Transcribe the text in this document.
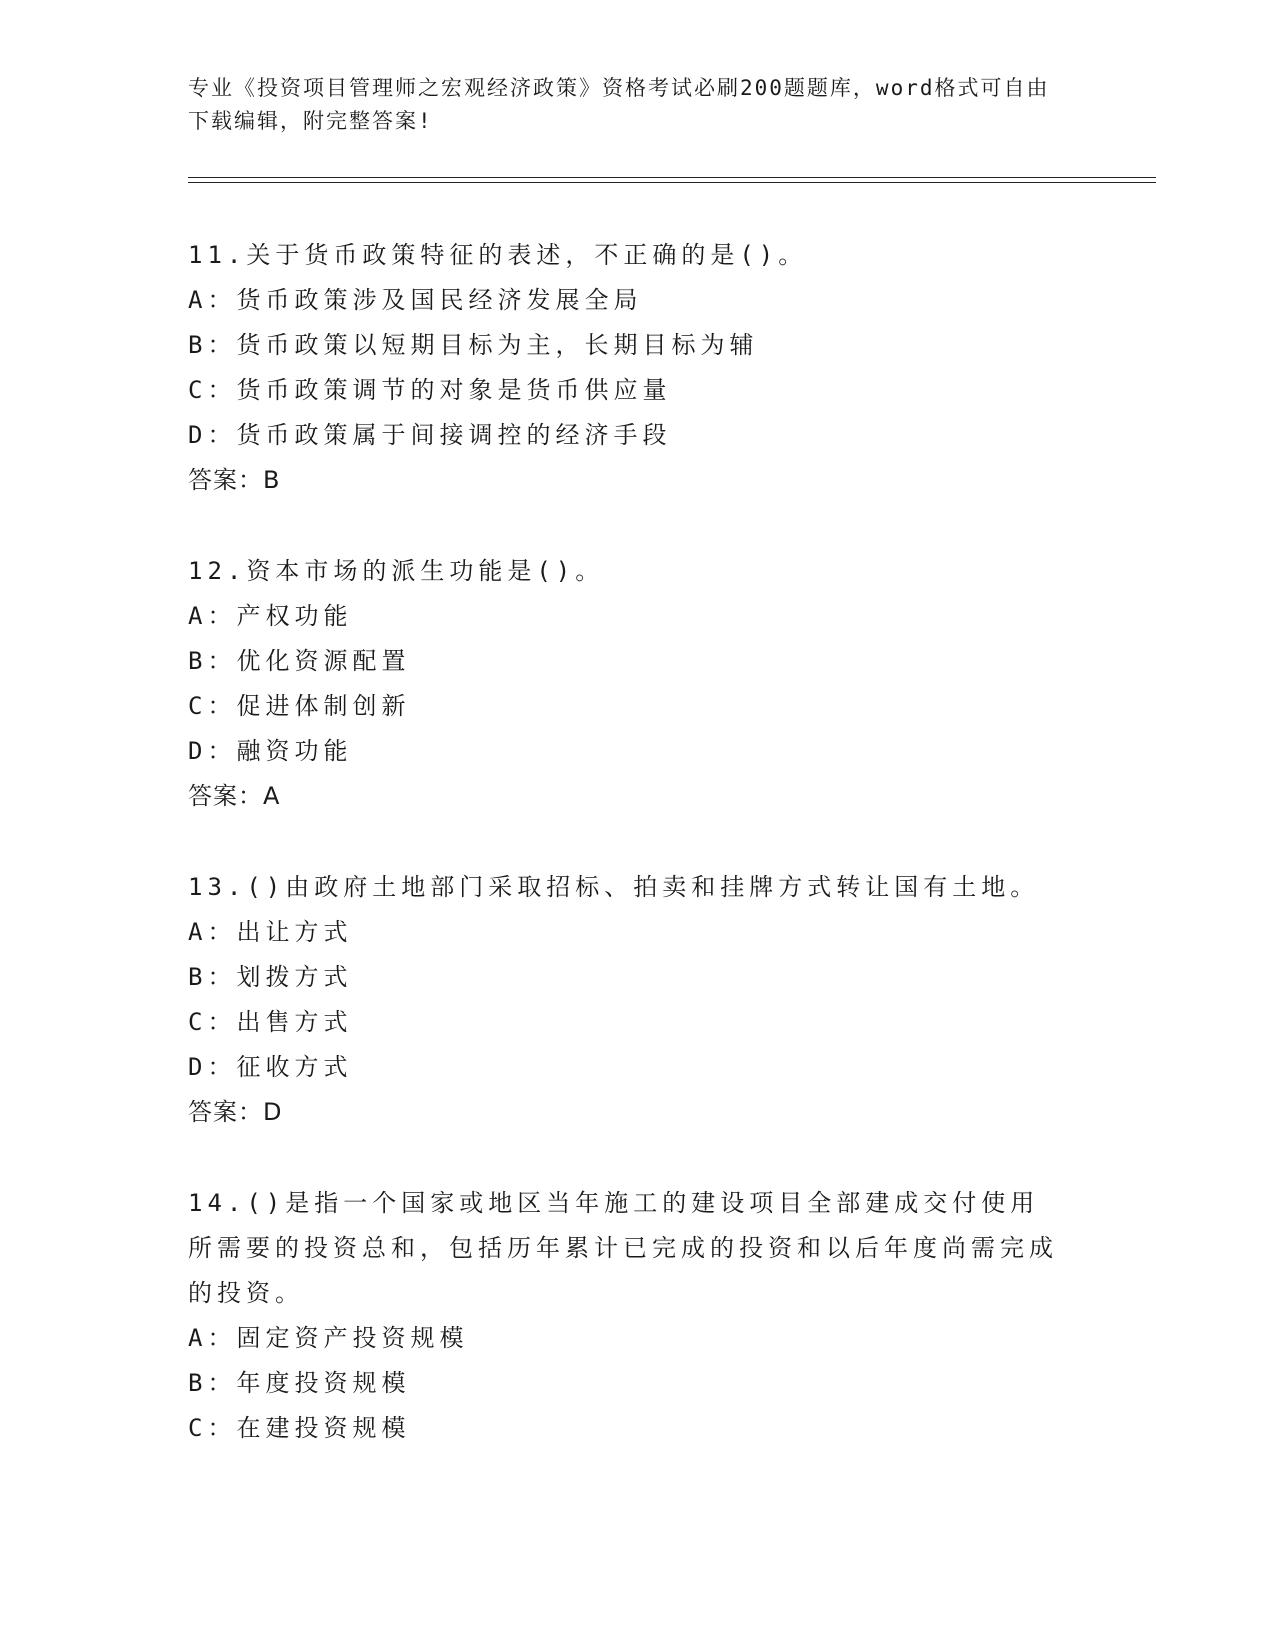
专业《投资项目管理师之宏观经济政策》资格考试必刷200题题库，word格式可自由下载编辑，附完整答案!
11.关于货币政策特征的表述，不正确的是()。
A：货币政策涉及国民经济发展全局
B：货币政策以短期目标为主，长期目标为辅
C：货币政策调节的对象是货币供应量
D：货币政策属于间接调控的经济手段
答案：B
12.资本市场的派生功能是()。
A：产权功能
B：优化资源配置
C：促进体制创新
D：融资功能
答案：A
13.()由政府土地部门采取招标、拍卖和挂牌方式转让国有土地。
A：出让方式
B：划拨方式
C：出售方式
D：征收方式
答案：D
14.()是指一个国家或地区当年施工的建设项目全部建成交付使用所需要的投资总和，包括历年累计已完成的投资和以后年度尚需完成的投资。
A：固定资产投资规模
B：年度投资规模
C：在建投资规模
